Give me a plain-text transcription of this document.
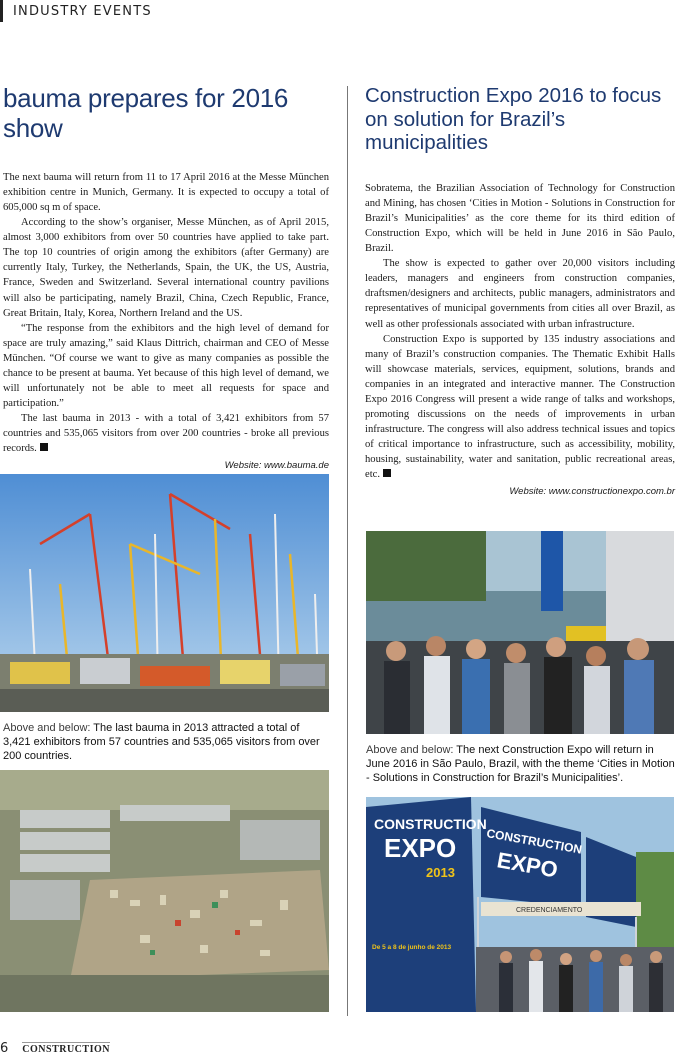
INDUSTRY EVENTS
bauma prepares for 2016 show

The next bauma will return from 11 to 17 April 2016 at the Messe München exhibition centre in Munich, Germany. It is expected to occupy a total of 605,000 sq m of space.

According to the show’s organiser, Messe München, as of April 2015, almost 3,000 exhibitors from over 50 countries have applied to take part. The top 10 countries of origin among the exhibitors (after Germany) are currently Italy, Turkey, the Netherlands, Spain, the UK, the US, Austria, France, Sweden and Switzerland. Several international country pavilions will also be participating, namely Brazil, China, Czech Republic, France, Great Britain, Italy, Korea, Northern Ireland and the US.

“The response from the exhibitors and the high level of demand for space are truly amazing,” said Klaus Dittrich, chairman and CEO of Messe München. “Of course we want to give as many companies as possible the chance to be present at bauma. Yet because of this high level of demand, we will unfortunately not be able to meet all requests for space and participation.”

The last bauma in 2013 - with a total of 3,421 exhibitors from 57 countries and 535,065 visitors from over 200 countries - broke all previous records.

Website: www.bauma.de
Above and below: The last bauma in 2013 attracted a total of 3,421 exhibitors from 57 countries and 535,065 visitors from over 200 countries.
Construction Expo 2016 to focus on solution for Brazil’s municipalities

Sobratema, the Brazilian Association of Technology for Construction and Mining, has chosen ‘Cities in Motion - Solutions in Construction for Brazil’s Municipalities’ as the core theme for its third edition of Construction Expo, which will be held in June 2016 in São Paulo, Brazil.

The show is expected to gather over 20,000 visitors including leaders, managers and engineers from construction companies, draftsmen/designers and architects, public managers, administrators and representatives of municipal governments from cities all over Brazil, as well as other professionals associated with urban infrastructure.

Construction Expo is supported by 135 industry associations and many of Brazil’s construction companies. The Thematic Exhibit Halls will showcase materials, services, equipment, solutions, brands and companies in an integrated and interactive manner. The Construction Expo 2016 Congress will present a wide range of talks and workshops, promoting discussions on the needs of improvements in urban infrastructure. The congress will also address technical issues and topics of critical importance to infrastructure, such as accessibility, mobility, housing, sustainability, water and sanitation, public recreational areas, etc.

Website: www.constructionexpo.com.br
Above and below: The next Construction Expo will return in June 2016 in São Paulo, Brazil, with the theme ‘Cities in Motion - Solutions in Construction for Brazil’s Municipalities’.
CONSTRUCTION
EXPO
2013
CONSTRUCTION
EXPO
De 5 a 8 de junho de 2013
CREDENCIAMENTO
6 CONSTRUCTION
